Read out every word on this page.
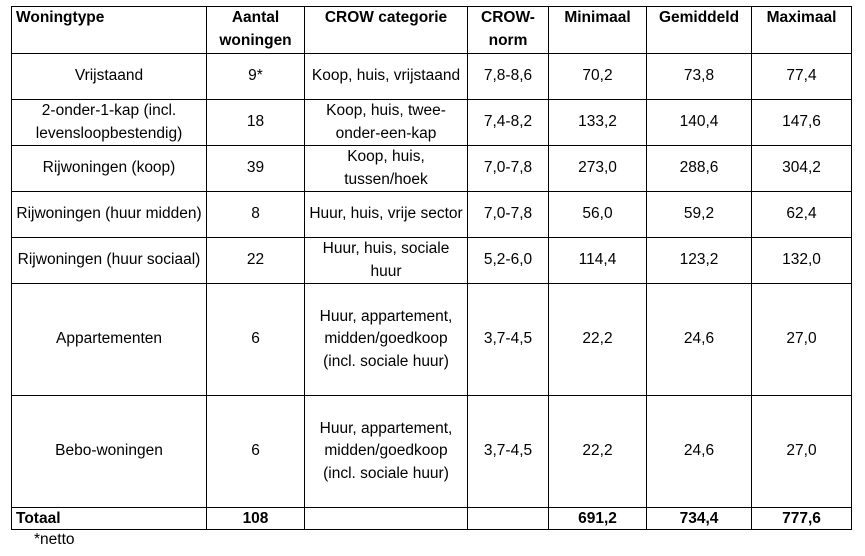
Woningtype	Aantal woningen	CROW categorie	CROW-norm	Minimaal	Gemiddeld	Maximaal
Vrijstaand	9*	Koop, huis, vrijstaand	7,8-8,6	70,2	73,8	77,4
2-onder-1-kap (incl. levensloopbestendig)	18	Koop, huis, twee-onder-een-kap	7,4-8,2	133,2	140,4	147,6
Rijwoningen (koop)	39	Koop, huis, tussen/hoek	7,0-7,8	273,0	288,6	304,2
Rijwoningen (huur midden)	8	Huur, huis, vrije sector	7,0-7,8	56,0	59,2	62,4
Rijwoningen (huur sociaal)	22	Huur, huis, sociale huur	5,2-6,0	114,4	123,2	132,0
Appartementen	6	Huur, appartement, midden/goedkoop (incl. sociale huur)	3,7-4,5	22,2	24,6	27,0
Bebo-woningen	6	Huur, appartement, midden/goedkoop (incl. sociale huur)	3,7-4,5	22,2	24,6	27,0
Totaal	108			691,2	734,4	777,6
*netto
